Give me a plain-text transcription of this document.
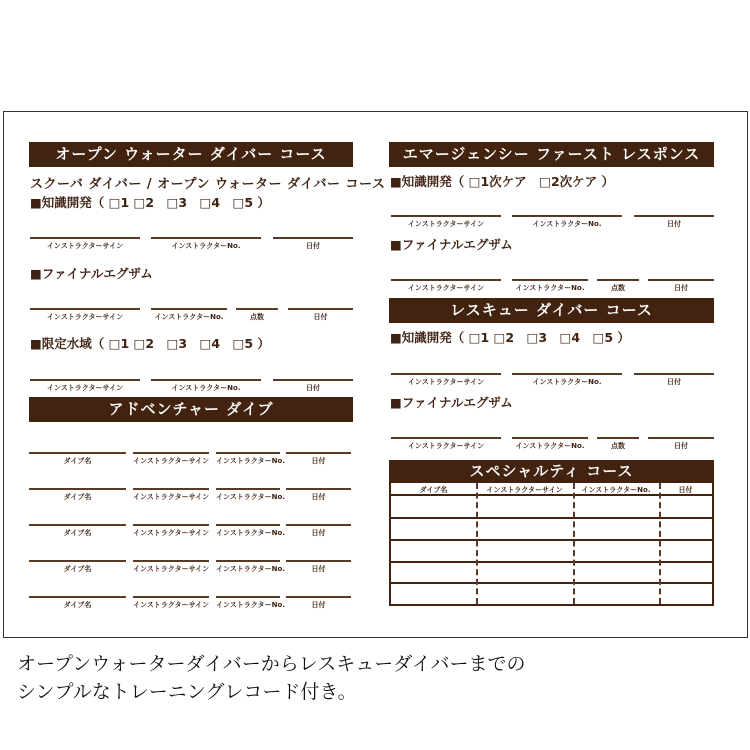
オープン ウォーター ダイバー コース
スクーバ ダイバー / オープン ウォーター ダイバー コース
■知識開発（ □1 □2　□3　□4　□5 ）
インストラクターサイン	インストラクターNo.	日付
■ファイナルエグザム
インストラクターサイン	インストラクターNo.	点数	日付
■限定水域（ □1 □2　□3　□4　□5 ）
インストラクターサイン	インストラクターNo.	日付
アドベンチャー ダイブ
ダイブ名	インストラクターサイン インストラクターNo.	日付
ダイブ名	インストラクターサイン インストラクターNo.	日付
ダイブ名	インストラクターサイン インストラクターNo.	日付
ダイブ名	インストラクターサイン インストラクターNo.	日付
ダイブ名	インストラクターサイン インストラクターNo.	日付
エマージェンシー ファースト レスポンス
■知識開発（ □1次ケア　□2次ケア ）
インストラクターサイン	インストラクターNo.	日付
■ファイナルエグザム
インストラクターサイン	インストラクターNo.	点数	日付
レスキュー ダイバー コース
■知識開発（ □1 □2　□3　□4　□5 ）
インストラクターサイン	インストラクターNo.	日付
■ファイナルエグザム
インストラクターサイン	インストラクターNo.	点数	日付
スペシャルティ コース
ダイブ名	インストラクターサイン	インストラクターNo.	日付
オープンウォーターダイバーからレスキューダイバーまでの
シンプルなトレーニングレコード付き。
